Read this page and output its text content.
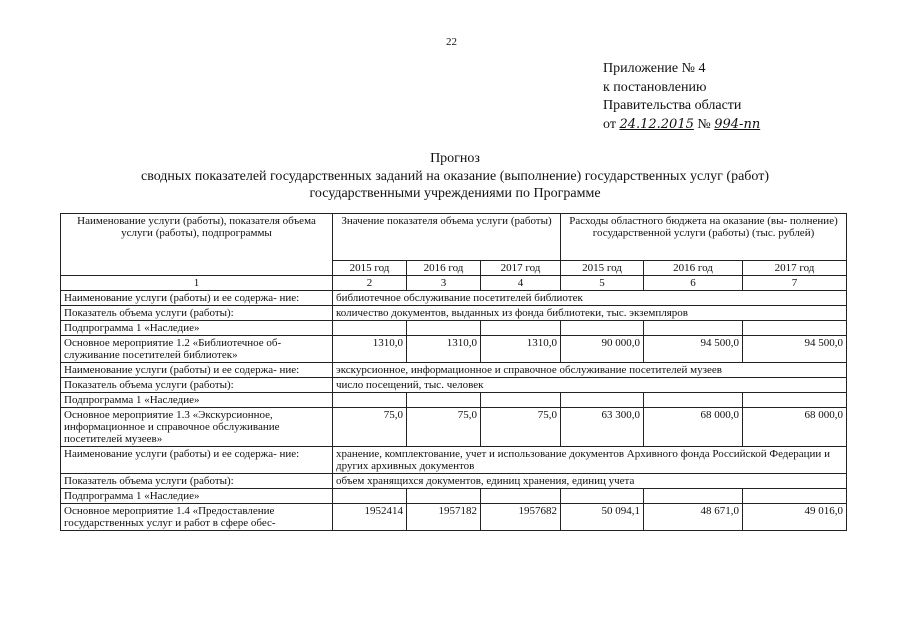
22
Приложение № 4
к постановлению
Правительства области
от 24.12.2015 № 994-пп
Прогноз
сводных показателей государственных заданий на оказание (выполнение) государственных услуг (работ)
государственными учреждениями по Программе
Наименование услуги (работы), показателя объема услуги (работы), подпрограммы	Значение показателя объема услуги (работы)			Расходы областного бюджета на оказание (вы- полнение) государственной услуги (работы) (тыс. рублей)		
	2015 год	2016 год	2017 год	2015 год	2016 год	2017 год
1	2	3	4	5	6	7
Наименование услуги (работы) и ее содержа- ние:	библиотечное обслуживание посетителей библиотек					
Показатель объема услуги (работы):	количество документов, выданных из фонда библиотеки, тыс. экземпляров					
Подпрограмма 1 «Наследие»						
Основное мероприятие 1.2 «Библиотечное об- служивание посетителей библиотек»	1310,0	1310,0	1310,0	90 000,0	94 500,0	94 500,0
Наименование услуги (работы) и ее содержа- ние:	экскурсионное, информационное и справочное обслуживание посетителей музеев					
Показатель объема услуги (работы):	число посещений, тыс. человек					
Подпрограмма 1 «Наследие»						
Основное мероприятие 1.3 «Экскурсионное, информационное и справочное обслуживание посетителей музеев»	75,0	75,0	75,0	63 300,0	68 000,0	68 000,0
Наименование услуги (работы) и ее содержа- ние:	хранение, комплектование, учет и использование документов Архивного фонда Российской Федерации и других архивных документов					
Показатель объема услуги (работы):	объем хранящихся документов, единиц хранения, единиц учета					
Подпрограмма 1 «Наследие»						
Основное мероприятие 1.4 «Предоставление государственных услуг и работ в сфере обес-	1952414	1957182	1957682	50 094,1	48 671,0	49 016,0
